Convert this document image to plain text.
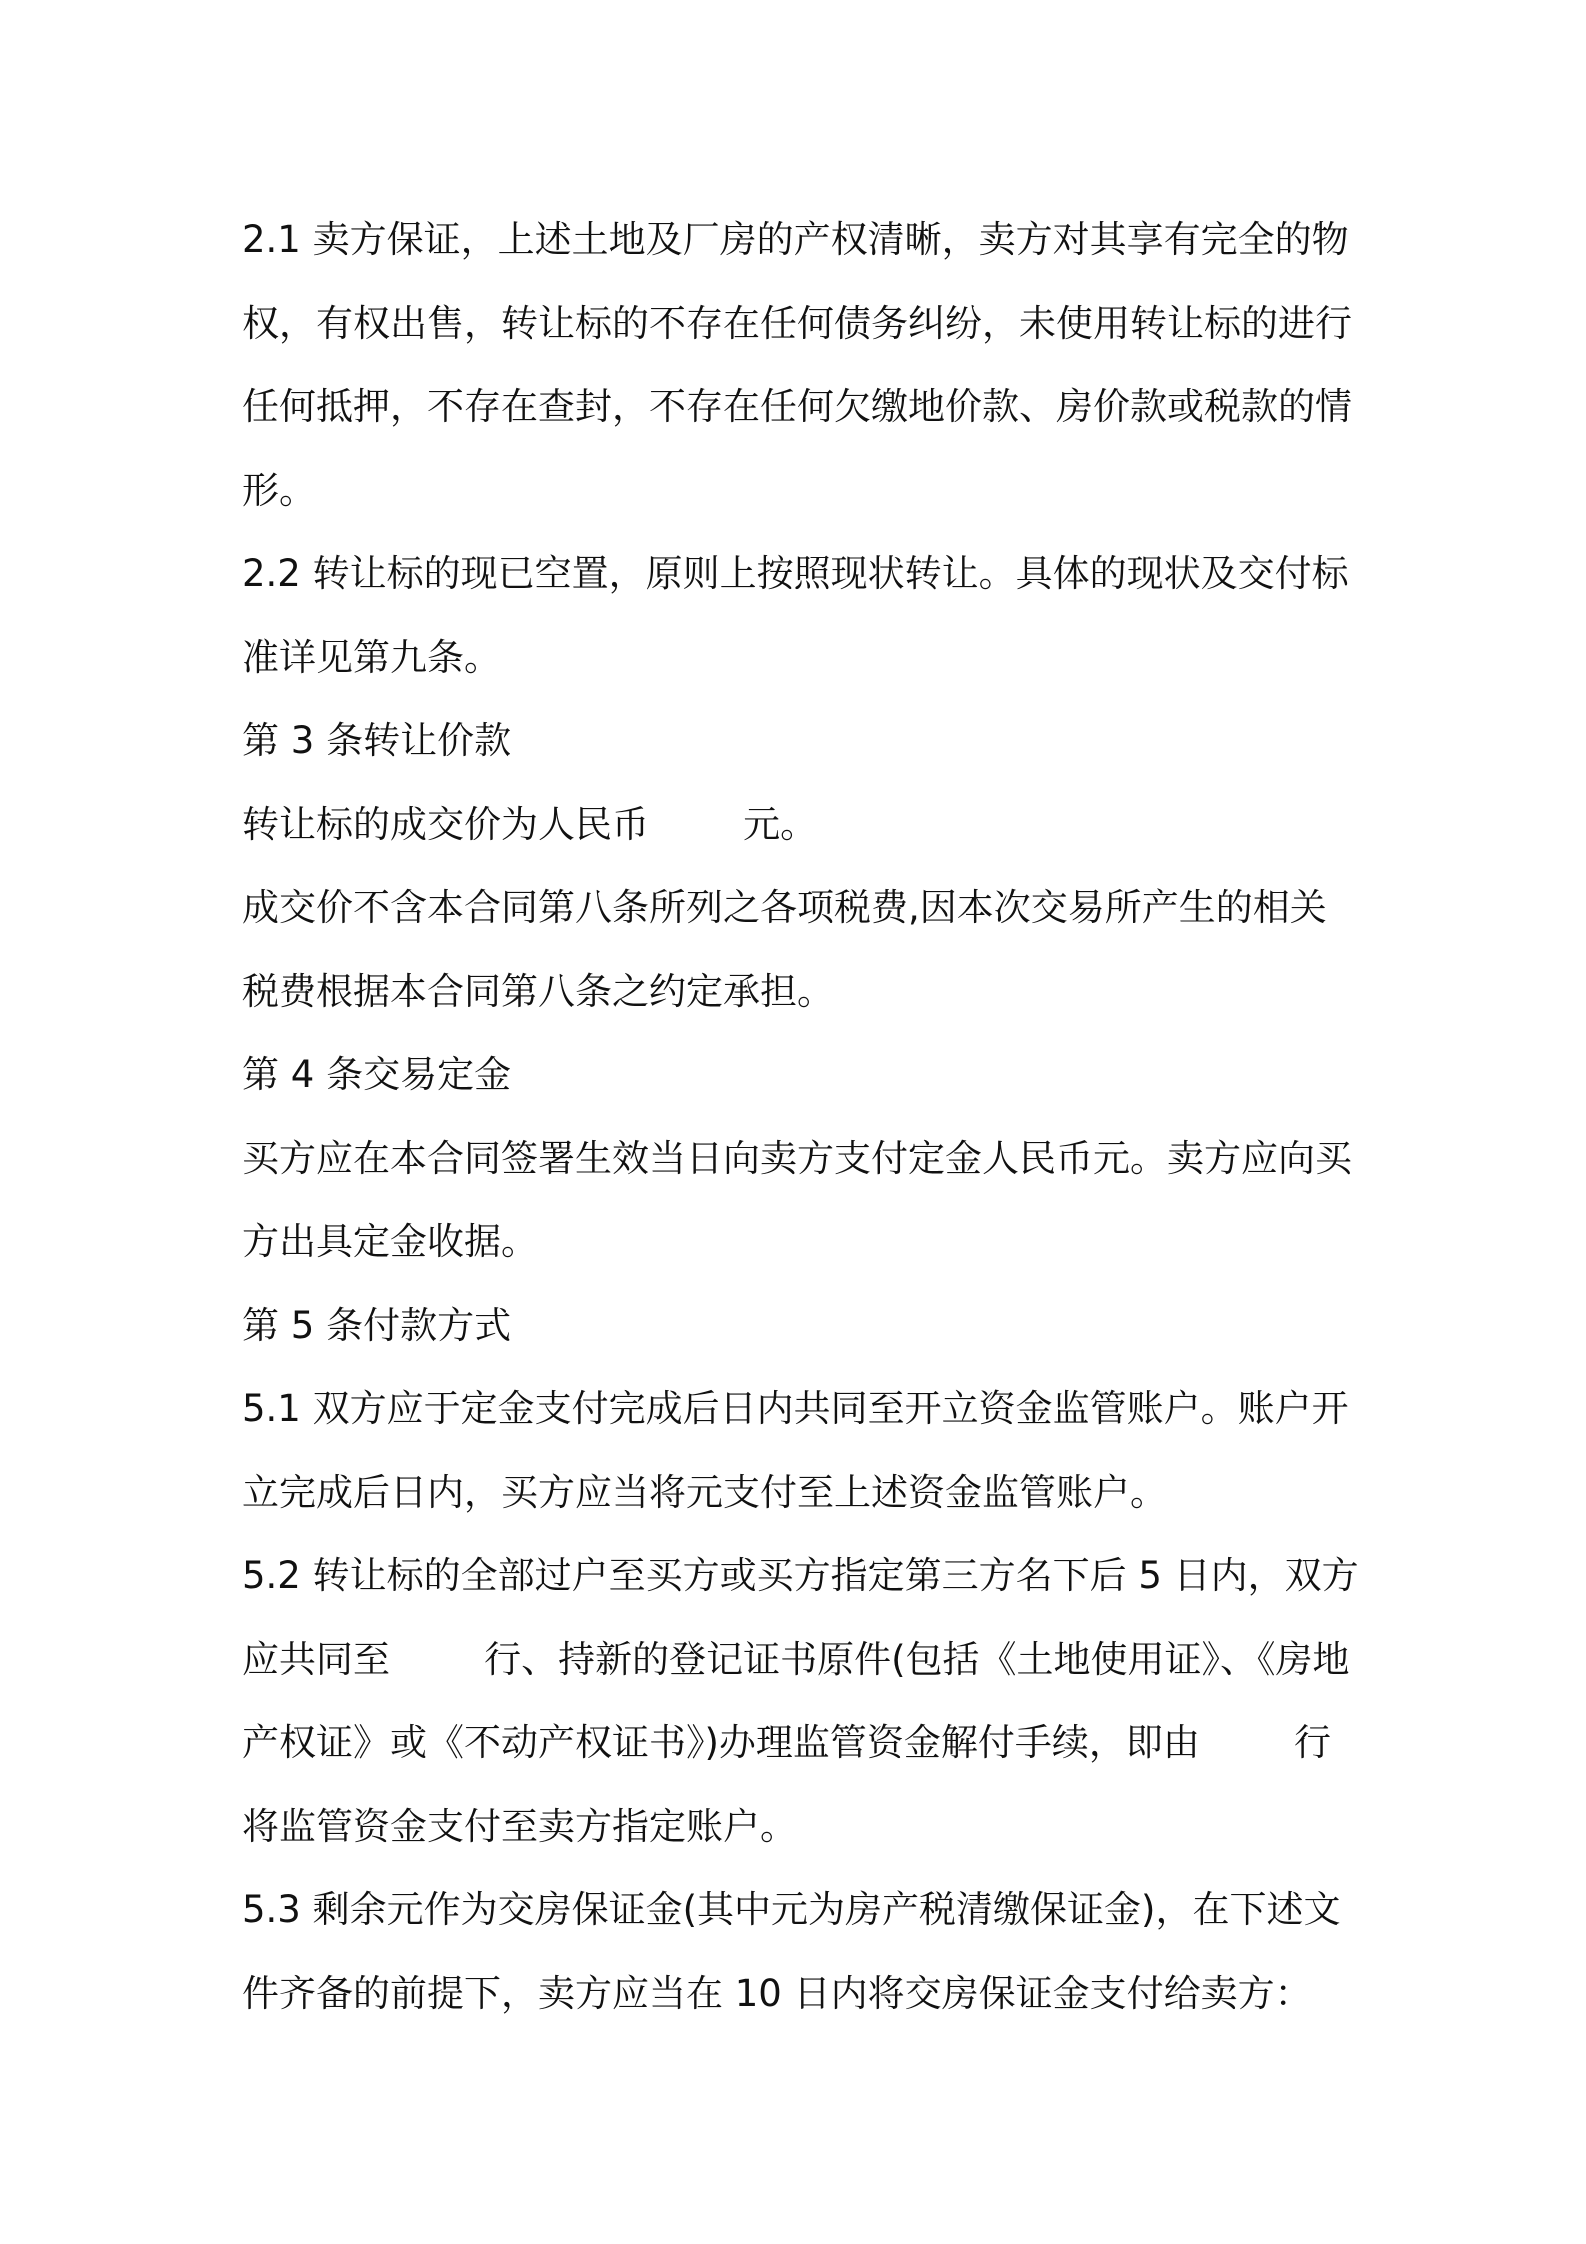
2.1 卖方保证，上述土地及厂房的产权清晰，卖方对其享有完全的物
权，有权出售，转让标的不存在任何债务纠纷，未使用转让标的进行
任何抵押，不存在查封，不存在任何欠缴地价款、房价款或税款的情
形。
2.2 转让标的现已空置，原则上按照现状转让。具体的现状及交付标
准详见第九条。
第 3 条转让价款
转让标的成交价为人民币        元。
成交价不含本合同第八条所列之各项税费,因本次交易所产生的相关
税费根据本合同第八条之约定承担。
第 4 条交易定金
买方应在本合同签署生效当日向卖方支付定金人民币元。卖方应向买
方出具定金收据。
第 5 条付款方式
5.1 双方应于定金支付完成后日内共同至开立资金监管账户。账户开
立完成后日内，买方应当将元支付至上述资金监管账户。
5.2 转让标的全部过户至买方或买方指定第三方名下后 5 日内，双方
应共同至        行、持新的登记证书原件(包括《土地使用证》、《房地
产权证》或《不动产权证书》)办理监管资金解付手续，即由        行
将监管资金支付至卖方指定账户。
5.3 剩余元作为交房保证金(其中元为房产税清缴保证金)，在下述文
件齐备的前提下，卖方应当在 10 日内将交房保证金支付给卖方：
